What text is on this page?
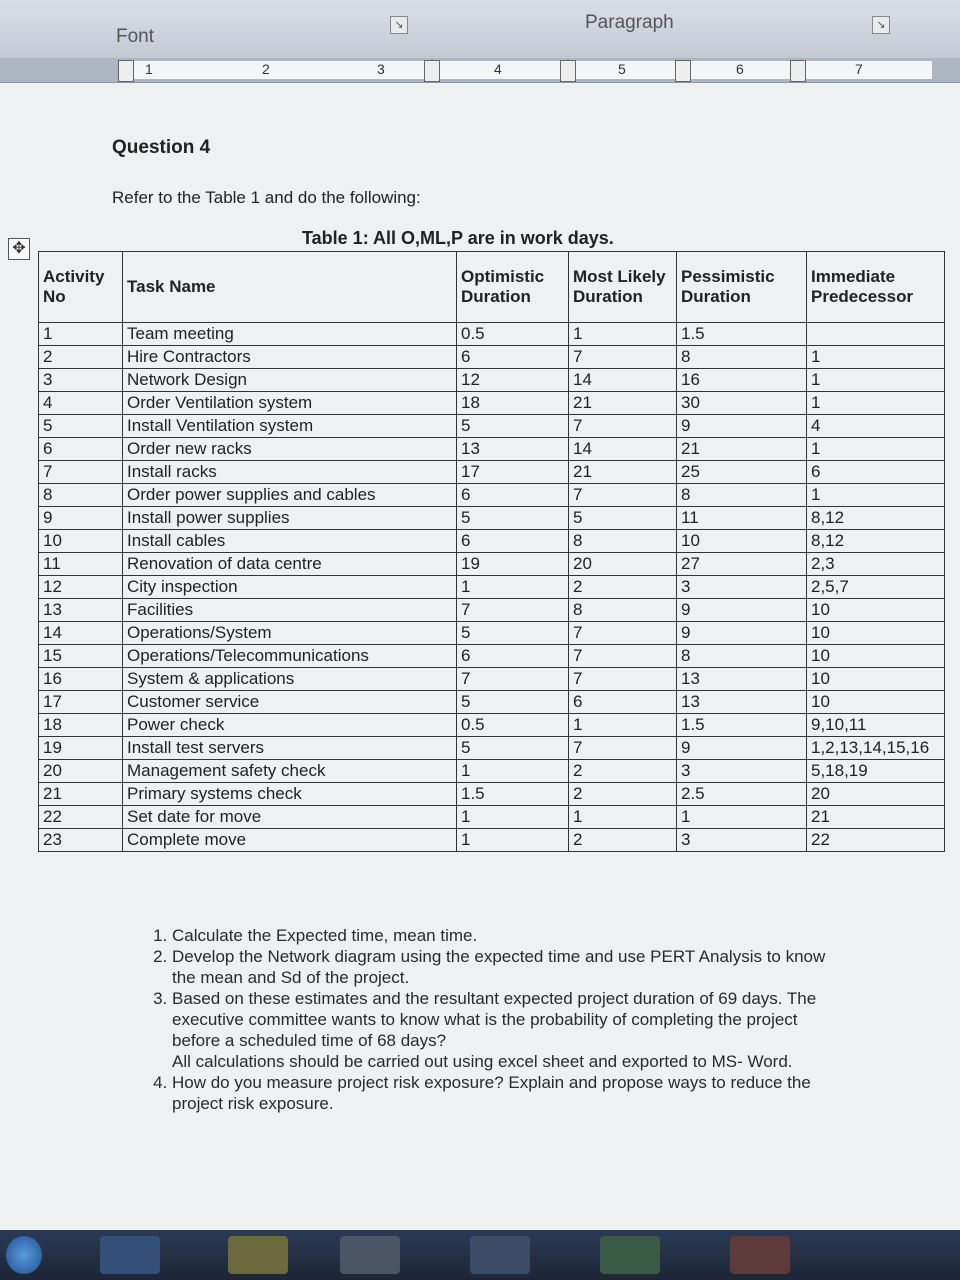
Font
↘	Paragraph	↘
1	2	3	4	5	6	7
✥
Question 4
Refer to the Table 1 and do the following:
Table 1: All O,ML,P are in work days.
Activity No	Task Name	Optimistic Duration	Most Likely Duration	Pessimistic Duration	Immediate Predecessor
1	Team meeting	0.5	1	1.5	
2	Hire Contractors	6	7	8	1
3	Network Design	12	14	16	1
4	Order Ventilation system	18	21	30	1
5	Install Ventilation system	5	7	9	4
6	Order new racks	13	14	21	1
7	Install racks	17	21	25	6
8	Order power supplies and cables	6	7	8	1
9	Install power supplies	5	5	11	8,12
10	Install cables	6	8	10	8,12
11	Renovation of data centre	19	20	27	2,3
12	City inspection	1	2	3	2,5,7
13	Facilities	7	8	9	10
14	Operations/System	5	7	9	10
15	Operations/Telecommunications	6	7	8	10
16	System & applications	7	7	13	10
17	Customer service	5	6	13	10
18	Power check	0.5	1	1.5	9,10,11
19	Install test servers	5	7	9	1,2,13,14,15,16
20	Management safety check	1	2	3	5,18,19
21	Primary systems check	1.5	2	2.5	20
22	Set date for move	1	1	1	21
23	Complete move	1	2	3	22
1. Calculate the Expected time, mean time.
2. Develop the Network diagram using the expected time and use PERT Analysis to know the mean and Sd of the project.
3. Based on these estimates and the resultant expected project duration of 69 days. The executive committee wants to know what is the probability of completing the project before a scheduled time of 68 days?
All calculations should be carried out using excel sheet and exported to MS- Word.
4. How do you measure project risk exposure? Explain and propose ways to reduce the project risk exposure.
